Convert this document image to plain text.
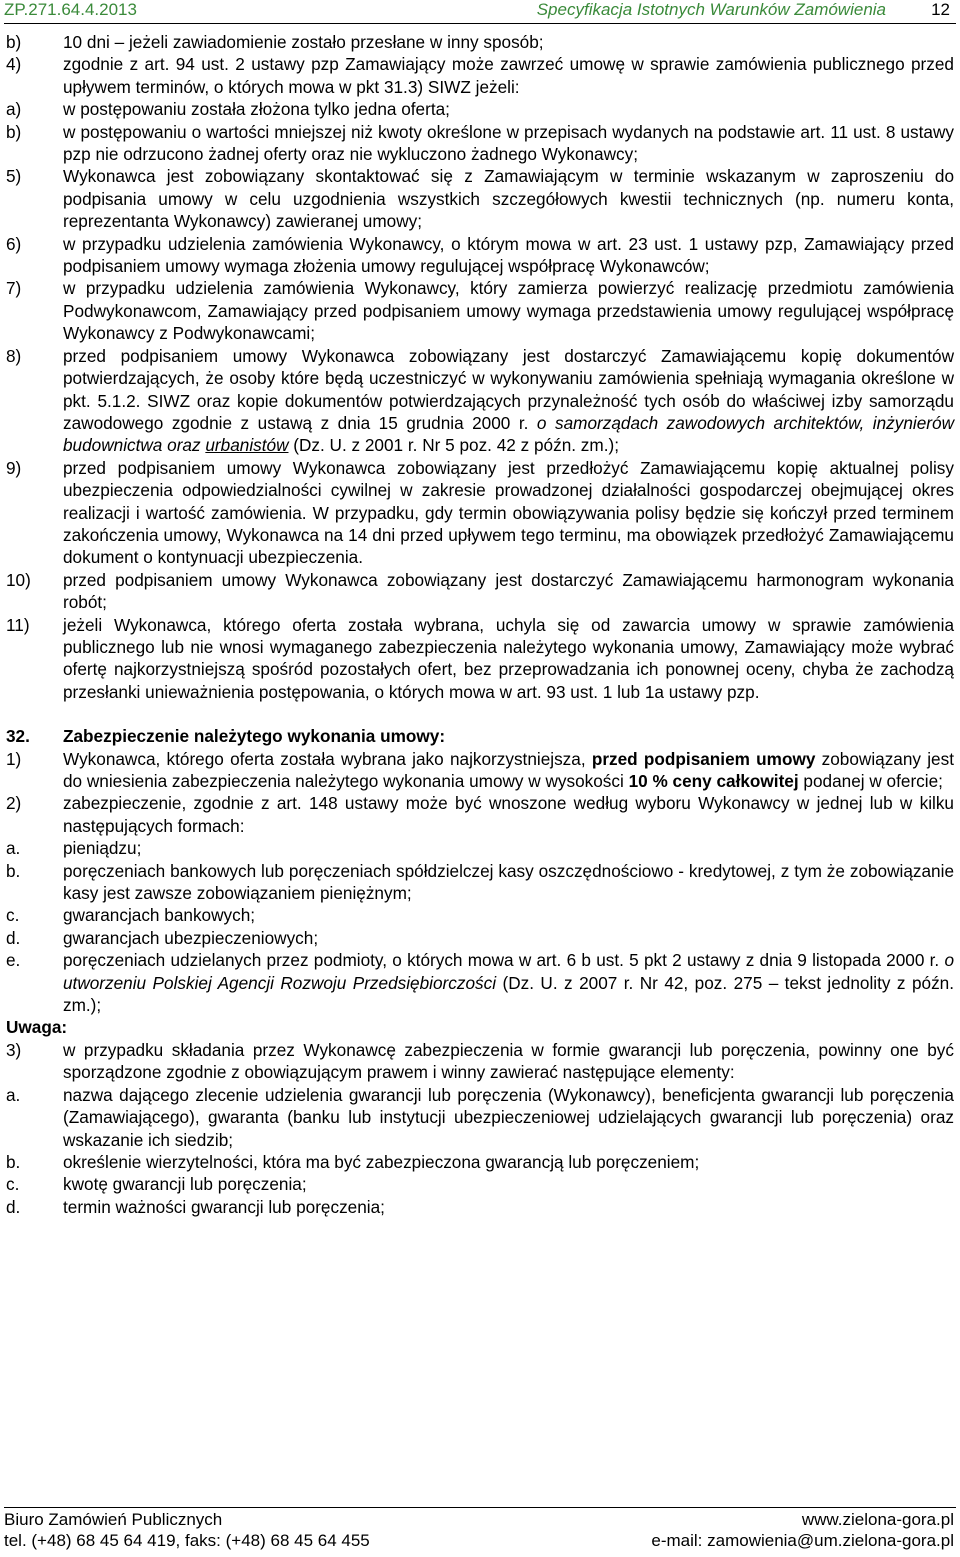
ZP.271.64.4.2013	Specyfikacja Istotnych Warunków Zamówienia	12
b)	10 dni – jeżeli zawiadomienie zostało przesłane w inny sposób;
4)	zgodnie z art. 94 ust. 2 ustawy pzp Zamawiający może zawrzeć umowę w sprawie zamówienia publicznego przed upływem terminów, o których mowa w pkt 31.3) SIWZ jeżeli:
a)	w postępowaniu została złożona tylko jedna oferta;
b)	w postępowaniu o wartości mniejszej niż kwoty określone w przepisach wydanych na podstawie art. 11 ust. 8 ustawy pzp nie odrzucono żadnej oferty oraz nie wykluczono żadnego Wykonawcy;
5)	Wykonawca jest zobowiązany skontaktować się z Zamawiającym w terminie wskazanym w zaproszeniu do podpisania umowy w celu uzgodnienia wszystkich szczegółowych kwestii technicznych (np. numeru konta, reprezentanta Wykonawcy) zawieranej umowy;
6)	w przypadku udzielenia zamówienia Wykonawcy, o którym mowa w art. 23 ust. 1 ustawy pzp, Zamawiający przed podpisaniem umowy wymaga złożenia umowy regulującej współpracę Wykonawców;
7)	w przypadku udzielenia zamówienia Wykonawcy, który zamierza powierzyć realizację przedmiotu zamówienia Podwykonawcom, Zamawiający przed podpisaniem umowy wymaga przedstawienia umowy regulującej współpracę Wykonawcy z Podwykonawcami;
8)	przed podpisaniem umowy Wykonawca zobowiązany jest dostarczyć Zamawiającemu kopię dokumentów potwierdzających, że osoby które będą uczestniczyć w wykonywaniu zamówienia spełniają wymagania określone w pkt. 5.1.2. SIWZ oraz kopie dokumentów potwierdzających przynależność tych osób do właściwej izby samorządu zawodowego zgodnie z ustawą z dnia 15 grudnia 2000 r. o samorządach zawodowych architektów, inżynierów budownictwa oraz urbanistów (Dz. U. z 2001 r. Nr 5 poz. 42 z późn. zm.);
9)	przed podpisaniem umowy Wykonawca zobowiązany jest przedłożyć Zamawiającemu kopię aktualnej polisy ubezpieczenia odpowiedzialności cywilnej w zakresie prowadzonej działalności gospodarczej obejmującej okres realizacji i wartość zamówienia. W przypadku, gdy termin obowiązywania polisy będzie się kończył przed terminem zakończenia umowy, Wykonawca na 14 dni przed upływem tego terminu, ma obowiązek przedłożyć Zamawiającemu dokument o kontynuacji ubezpieczenia.
10)	przed podpisaniem umowy Wykonawca zobowiązany jest dostarczyć Zamawiającemu harmonogram wykonania robót;
11)	jeżeli Wykonawca, którego oferta została wybrana, uchyla się od zawarcia umowy w sprawie zamówienia publicznego lub nie wnosi wymaganego zabezpieczenia należytego wykonania umowy, Zamawiający może wybrać ofertę najkorzystniejszą spośród pozostałych ofert, bez przeprowadzania ich ponownej oceny, chyba że zachodzą przesłanki unieważnienia postępowania, o których mowa w art. 93 ust. 1 lub 1a ustawy pzp.
32.	Zabezpieczenie należytego wykonania umowy:
1)	Wykonawca, którego oferta została wybrana jako najkorzystniejsza, przed podpisaniem umowy zobowiązany jest do wniesienia zabezpieczenia należytego wykonania umowy w wysokości 10 % ceny całkowitej podanej w ofercie;
2)	zabezpieczenie, zgodnie z art. 148 ustawy może być wnoszone według wyboru Wykonawcy w jednej lub w kilku następujących formach:
a.	pieniądzu;
b.	poręczeniach bankowych lub poręczeniach spółdzielczej kasy oszczędnościowo - kredytowej, z tym że zobowiązanie kasy jest zawsze zobowiązaniem pieniężnym;
c.	gwarancjach bankowych;
d.	gwarancjach ubezpieczeniowych;
e.	poręczeniach udzielanych przez podmioty, o których mowa w art. 6 b ust. 5 pkt 2 ustawy z dnia 9 listopada 2000 r. o utworzeniu Polskiej Agencji Rozwoju Przedsiębiorczości (Dz. U. z 2007 r. Nr 42, poz. 275 – tekst jednolity z późn. zm.);
Uwaga:
3)	w przypadku składania przez Wykonawcę zabezpieczenia w formie gwarancji lub poręczenia, powinny one być sporządzone zgodnie z obowiązującym prawem i winny zawierać następujące elementy:
a.	nazwa dającego zlecenie udzielenia gwarancji lub poręczenia (Wykonawcy), beneficjenta gwarancji lub poręczenia (Zamawiającego), gwaranta (banku lub instytucji ubezpieczeniowej udzielających gwarancji lub poręczenia) oraz wskazanie ich siedzib;
b.	określenie wierzytelności, która ma być zabezpieczona gwarancją lub poręczeniem;
c.	kwotę gwarancji lub poręczenia;
d.	termin ważności gwarancji lub poręczenia;
Biuro Zamówień Publicznych
tel. (+48) 68 45 64 419, faks: (+48) 68 45 64 455
www.zielona-gora.pl
e-mail: zamowienia@um.zielona-gora.pl
